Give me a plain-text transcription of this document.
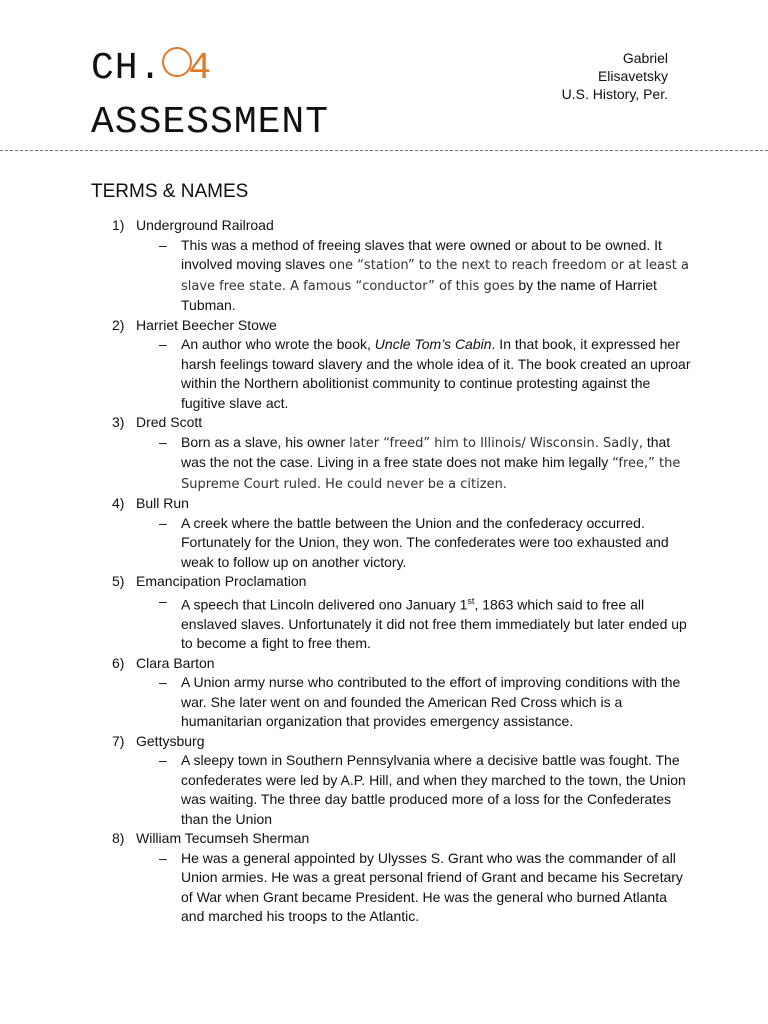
CH. 4
ASSESSMENT
Gabriel
Elisavetsky
U.S. History, Per.
TERMS & NAMES
1) Underground Railroad
–	This was a method of freeing slaves that were owned or about to be owned. It involved moving slaves one “station” to the next to reach freedom or at least a slave free state. A famous “conductor” of this goes by the name of Harriet Tubman.
2) Harriet Beecher Stowe
–	An author who wrote the book, Uncle Tom’s Cabin. In that book, it expressed her harsh feelings toward slavery and the whole idea of it. The book created an uproar within the Northern abolitionist community to continue protesting against the fugitive slave act.
3) Dred Scott
–	Born as a slave, his owner later “freed” him to Illinois/ Wisconsin. Sadly, that was the not the case. Living in a free state does not make him legally “free,” the Supreme Court ruled. He could never be a citizen.
4) Bull Run
–	A creek where the battle between the Union and the confederacy occurred. Fortunately for the Union, they won. The confederates were too exhausted and weak to follow up on another victory.
5) Emancipation Proclamation
–	A speech that Lincoln delivered ono January 1st, 1863 which said to free all enslaved slaves. Unfortunately it did not free them immediately but later ended up to become a fight to free them.
6) Clara Barton
–	A Union army nurse who contributed to the effort of improving conditions with the war. She later went on and founded the American Red Cross which is a humanitarian organization that provides emergency assistance.
7) Gettysburg
–	A sleepy town in Southern Pennsylvania where a decisive battle was fought. The confederates were led by A.P. Hill, and when they marched to the town, the Union was waiting. The three day battle produced more of a loss for the Confederates than the Union
8) William Tecumseh Sherman
–	He was a general appointed by Ulysses S. Grant who was the commander of all Union armies. He was a great personal friend of Grant and became his Secretary of War when Grant became President. He was the general who burned Atlanta and marched his troops to the Atlantic.
